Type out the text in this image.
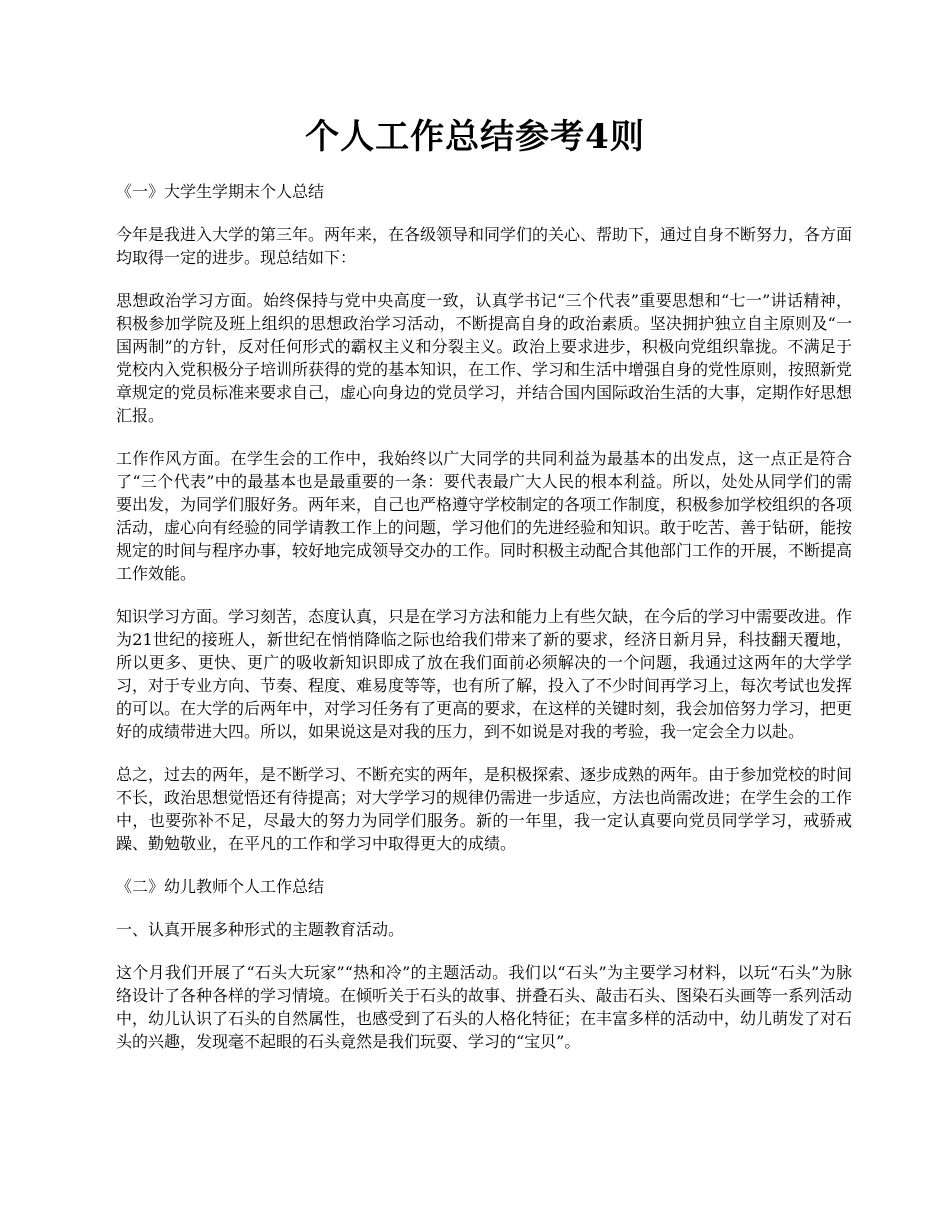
个人工作总结参考4则

《一》大学生学期末个人总结

今年是我进入大学的第三年。两年来，在各级领导和同学们的关心、帮助下，通过自身不断努力，各方面均取得一定的进步。现总结如下：

思想政治学习方面。始终保持与党中央高度一致，认真学书记“三个代表”重要思想和“七一”讲话精神，积极参加学院及班上组织的思想政治学习活动，不断提高自身的政治素质。坚决拥护独立自主原则及“一国两制”的方针，反对任何形式的霸权主义和分裂主义。政治上要求进步，积极向党组织靠拢。不满足于党校内入党积极分子培训所获得的党的基本知识，在工作、学习和生活中增强自身的党性原则，按照新党章规定的党员标准来要求自己，虚心向身边的党员学习，并结合国内国际政治生活的大事，定期作好思想汇报。

工作作风方面。在学生会的工作中，我始终以广大同学的共同利益为最基本的出发点，这一点正是符合了“三个代表”中的最基本也是最重要的一条：要代表最广大人民的根本利益。所以，处处从同学们的需要出发，为同学们服好务。两年来，自己也严格遵守学校制定的各项工作制度，积极参加学校组织的各项活动，虚心向有经验的同学请教工作上的问题，学习他们的先进经验和知识。敢于吃苦、善于钻研，能按规定的时间与程序办事，较好地完成领导交办的工作。同时积极主动配合其他部门工作的开展，不断提高工作效能。

知识学习方面。学习刻苦，态度认真，只是在学习方法和能力上有些欠缺，在今后的学习中需要改进。作为21世纪的接班人，新世纪在悄悄降临之际也给我们带来了新的要求，经济日新月异，科技翻天覆地，所以更多、更快、更广的吸收新知识即成了放在我们面前必须解决的一个问题，我通过这两年的大学学习，对于专业方向、节奏、程度、难易度等等，也有所了解，投入了不少时间再学习上，每次考试也发挥的可以。在大学的后两年中，对学习任务有了更高的要求，在这样的关键时刻，我会加倍努力学习，把更好的成绩带进大四。所以，如果说这是对我的压力，到不如说是对我的考验，我一定会全力以赴。

总之，过去的两年，是不断学习、不断充实的两年，是积极探索、逐步成熟的两年。由于参加党校的时间不长，政治思想觉悟还有待提高；对大学学习的规律仍需进一步适应，方法也尚需改进；在学生会的工作中，也要弥补不足，尽最大的努力为同学们服务。新的一年里，我一定认真要向党员同学学习，戒骄戒躁、勤勉敬业，在平凡的工作和学习中取得更大的成绩。

《二》幼儿教师个人工作总结

一、认真开展多种形式的主题教育活动。

这个月我们开展了“石头大玩家”“热和冷”的主题活动。我们以“石头”为主要学习材料，以玩“石头”为脉络设计了各种各样的学习情境。在倾听关于石头的故事、拼叠石头、敲击石头、图染石头画等一系列活动中，幼儿认识了石头的自然属性，也感受到了石头的人格化特征；在丰富多样的活动中，幼儿萌发了对石头的兴趣，发现毫不起眼的石头竟然是我们玩耍、学习的“宝贝”。
